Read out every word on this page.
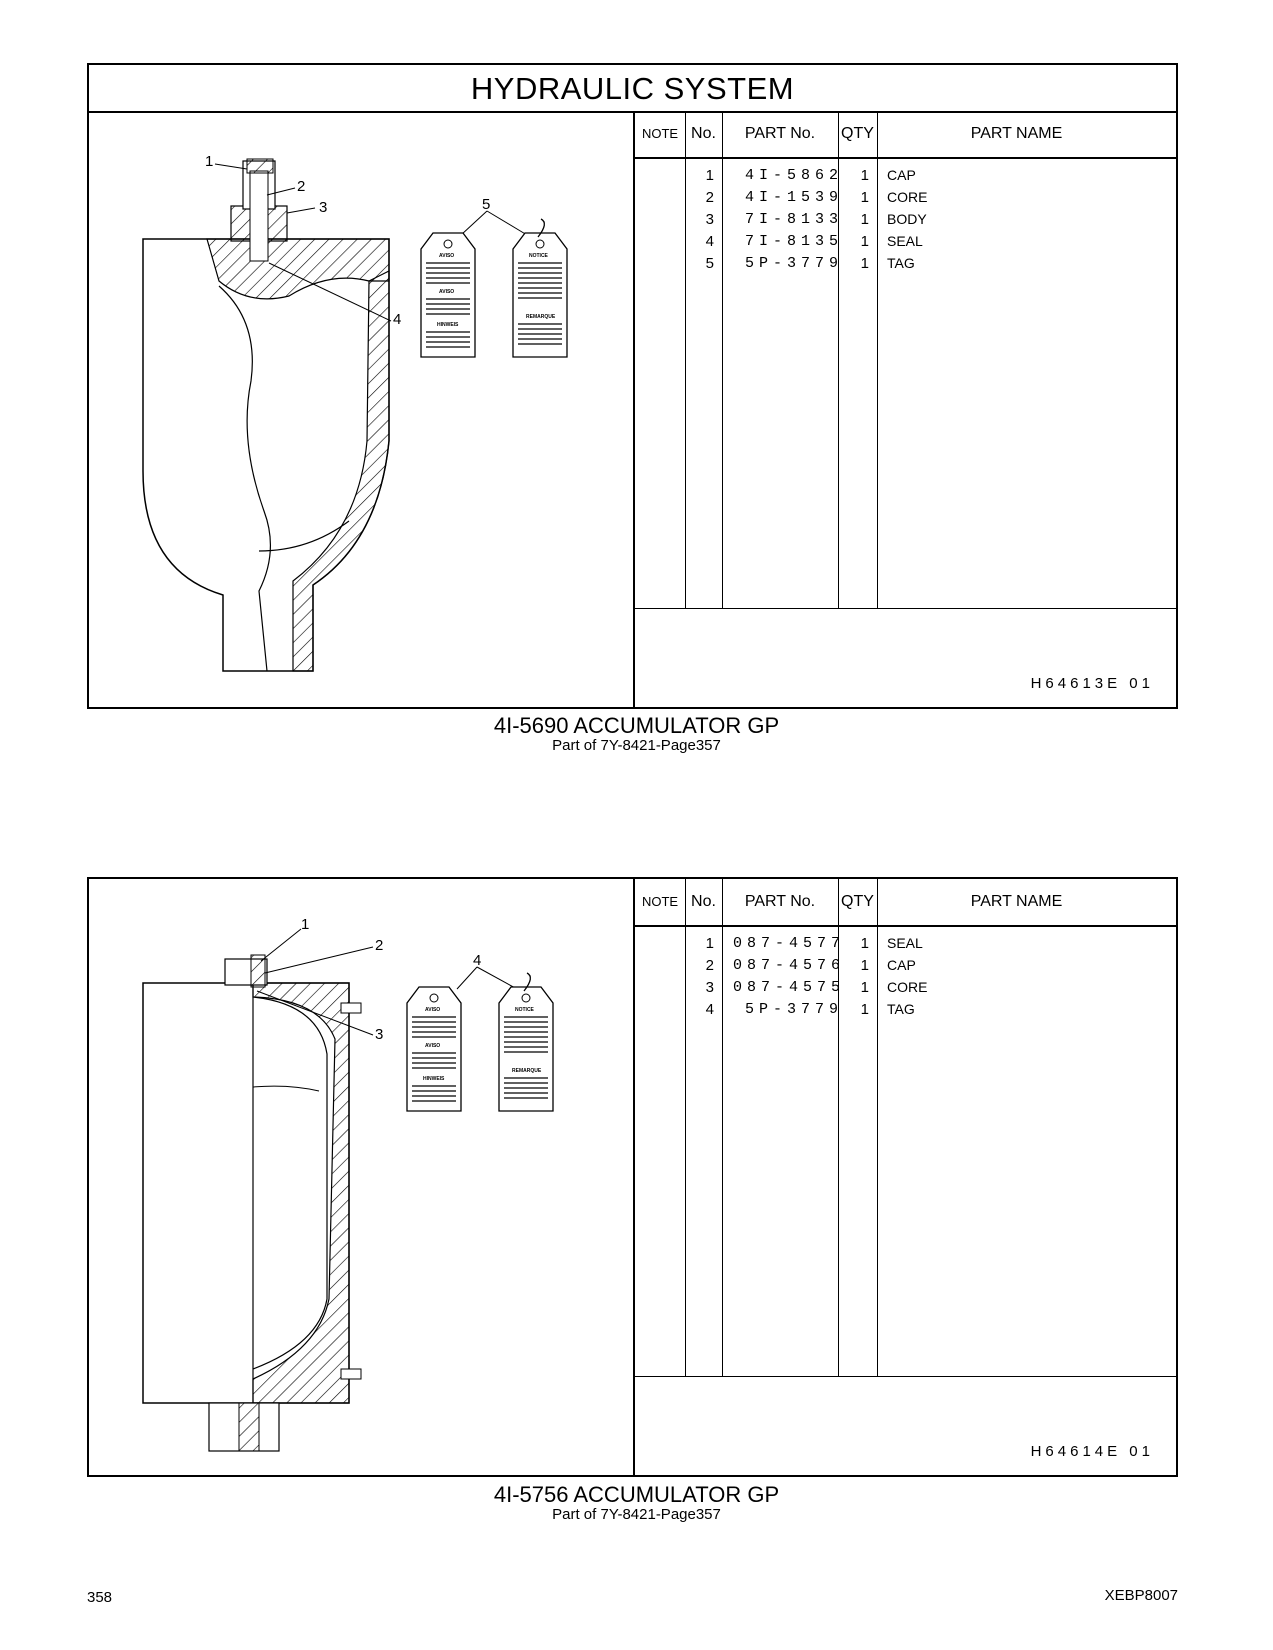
HYDRAULIC SYSTEM
1
2
3
4
5
AVISO
AVISO
HINWEIS
NOTICE
REMARQUE
NOTE No.	PART No.	QTY	PART NAME
1 4I-5862	1 CAP
2 4I-1539	1 CORE
3 7I-8133	1 BODY
4 7I-8135	1 SEAL
5 5P-3779	1 TAG
H64613E 01
4I-5690 ACCUMULATOR GP
Part of 7Y-8421-Page357
1
2
3
4
AVISO
AVISO
HINWEIS
NOTICE
REMARQUE
NOTE No.	PART No.	QTY	PART NAME
1 087-4577	1 SEAL
2 087-4576	1 CAP
3 087-4575	1 CORE
4 5P-3779	1 TAG
H64614E 01
4I-5756 ACCUMULATOR GP
Part of 7Y-8421-Page357
358	XEBP8007
